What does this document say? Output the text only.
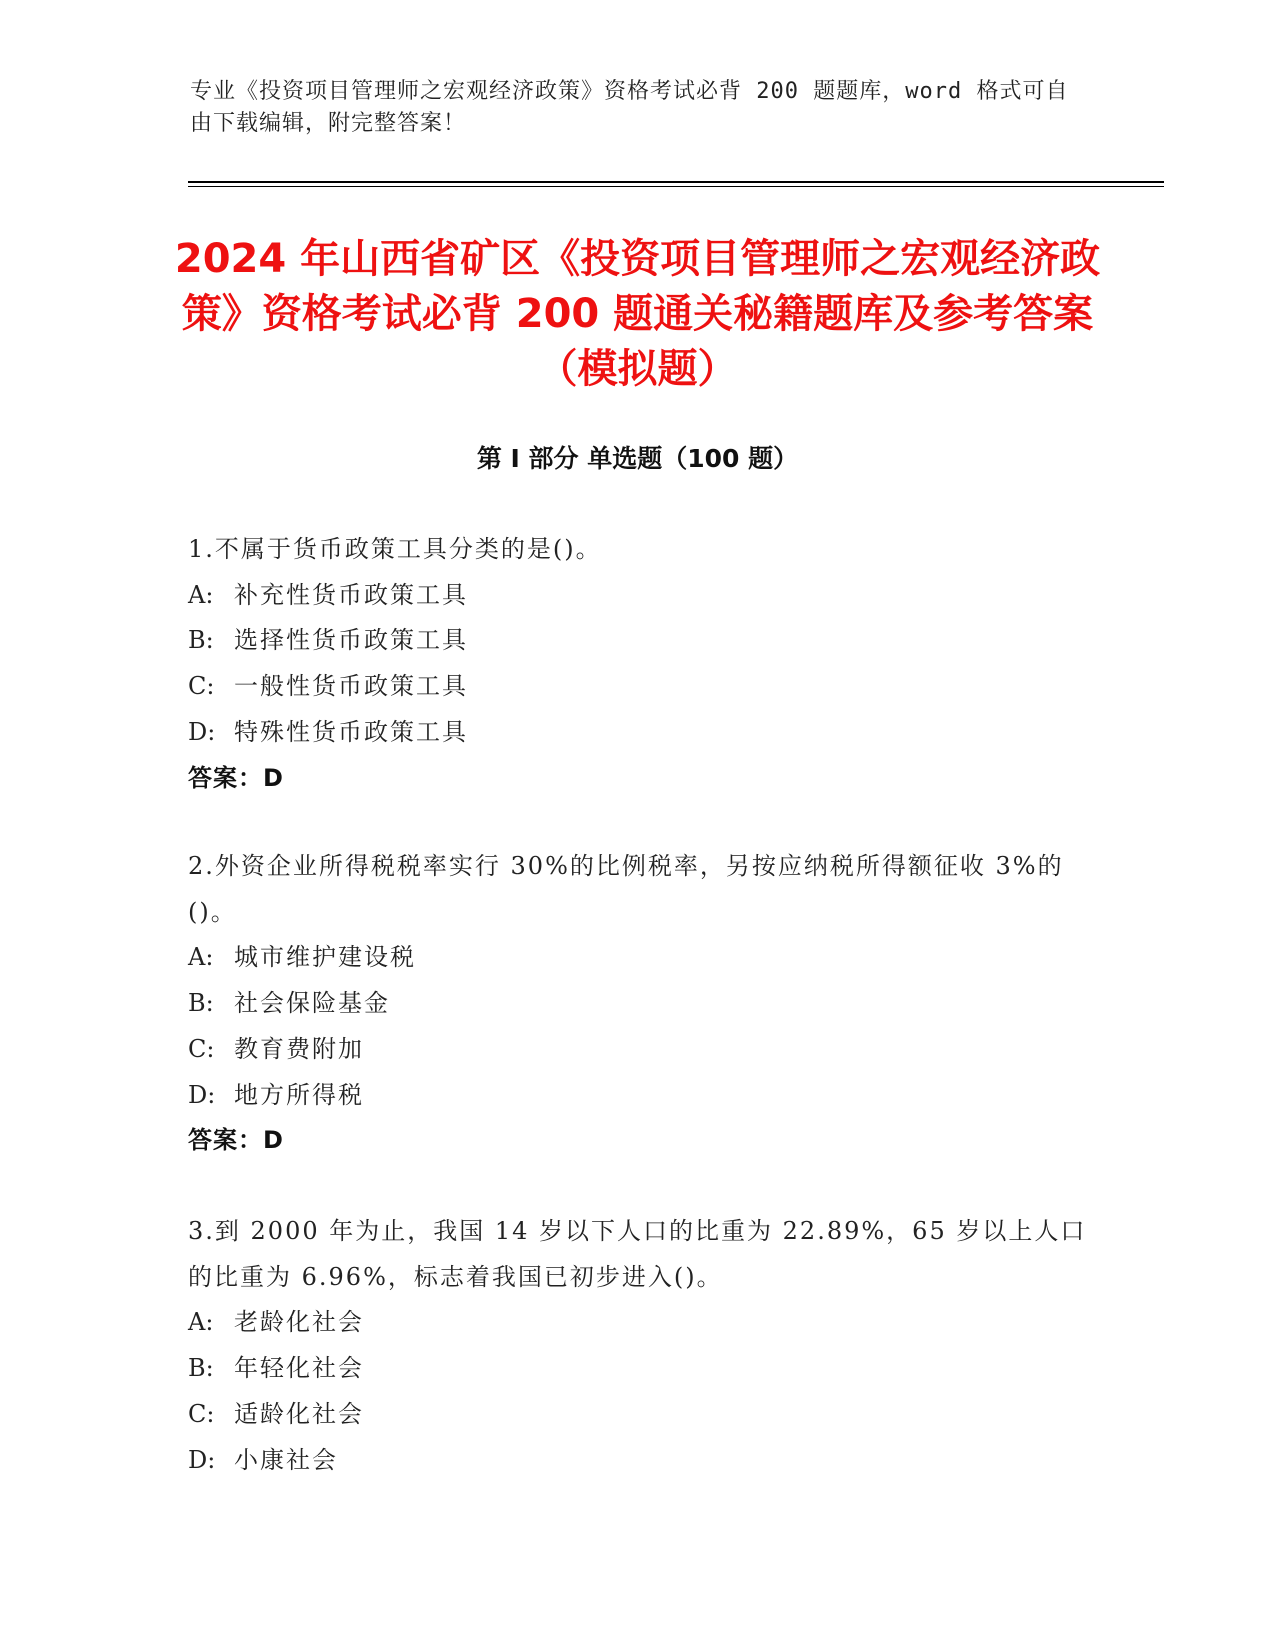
专业《投资项目管理师之宏观经济政策》资格考试必背 200 题题库，word 格式可自由下载编辑，附完整答案！
2024 年山西省矿区《投资项目管理师之宏观经济政策》资格考试必背 200 题通关秘籍题库及参考答案（模拟题）
第 I 部分 单选题（100 题）
1.不属于货币政策工具分类的是()。
A: 补充性货币政策工具
B: 选择性货币政策工具
C: 一般性货币政策工具
D: 特殊性货币政策工具
答案：D
2.外资企业所得税税率实行 30%的比例税率，另按应纳税所得额征收 3%的()。
A: 城市维护建设税
B: 社会保险基金
C: 教育费附加
D: 地方所得税
答案：D
3.到 2000 年为止，我国 14 岁以下人口的比重为 22.89%，65 岁以上人口的比重为 6.96%，标志着我国已初步进入()。
A: 老龄化社会
B: 年轻化社会
C: 适龄化社会
D: 小康社会
